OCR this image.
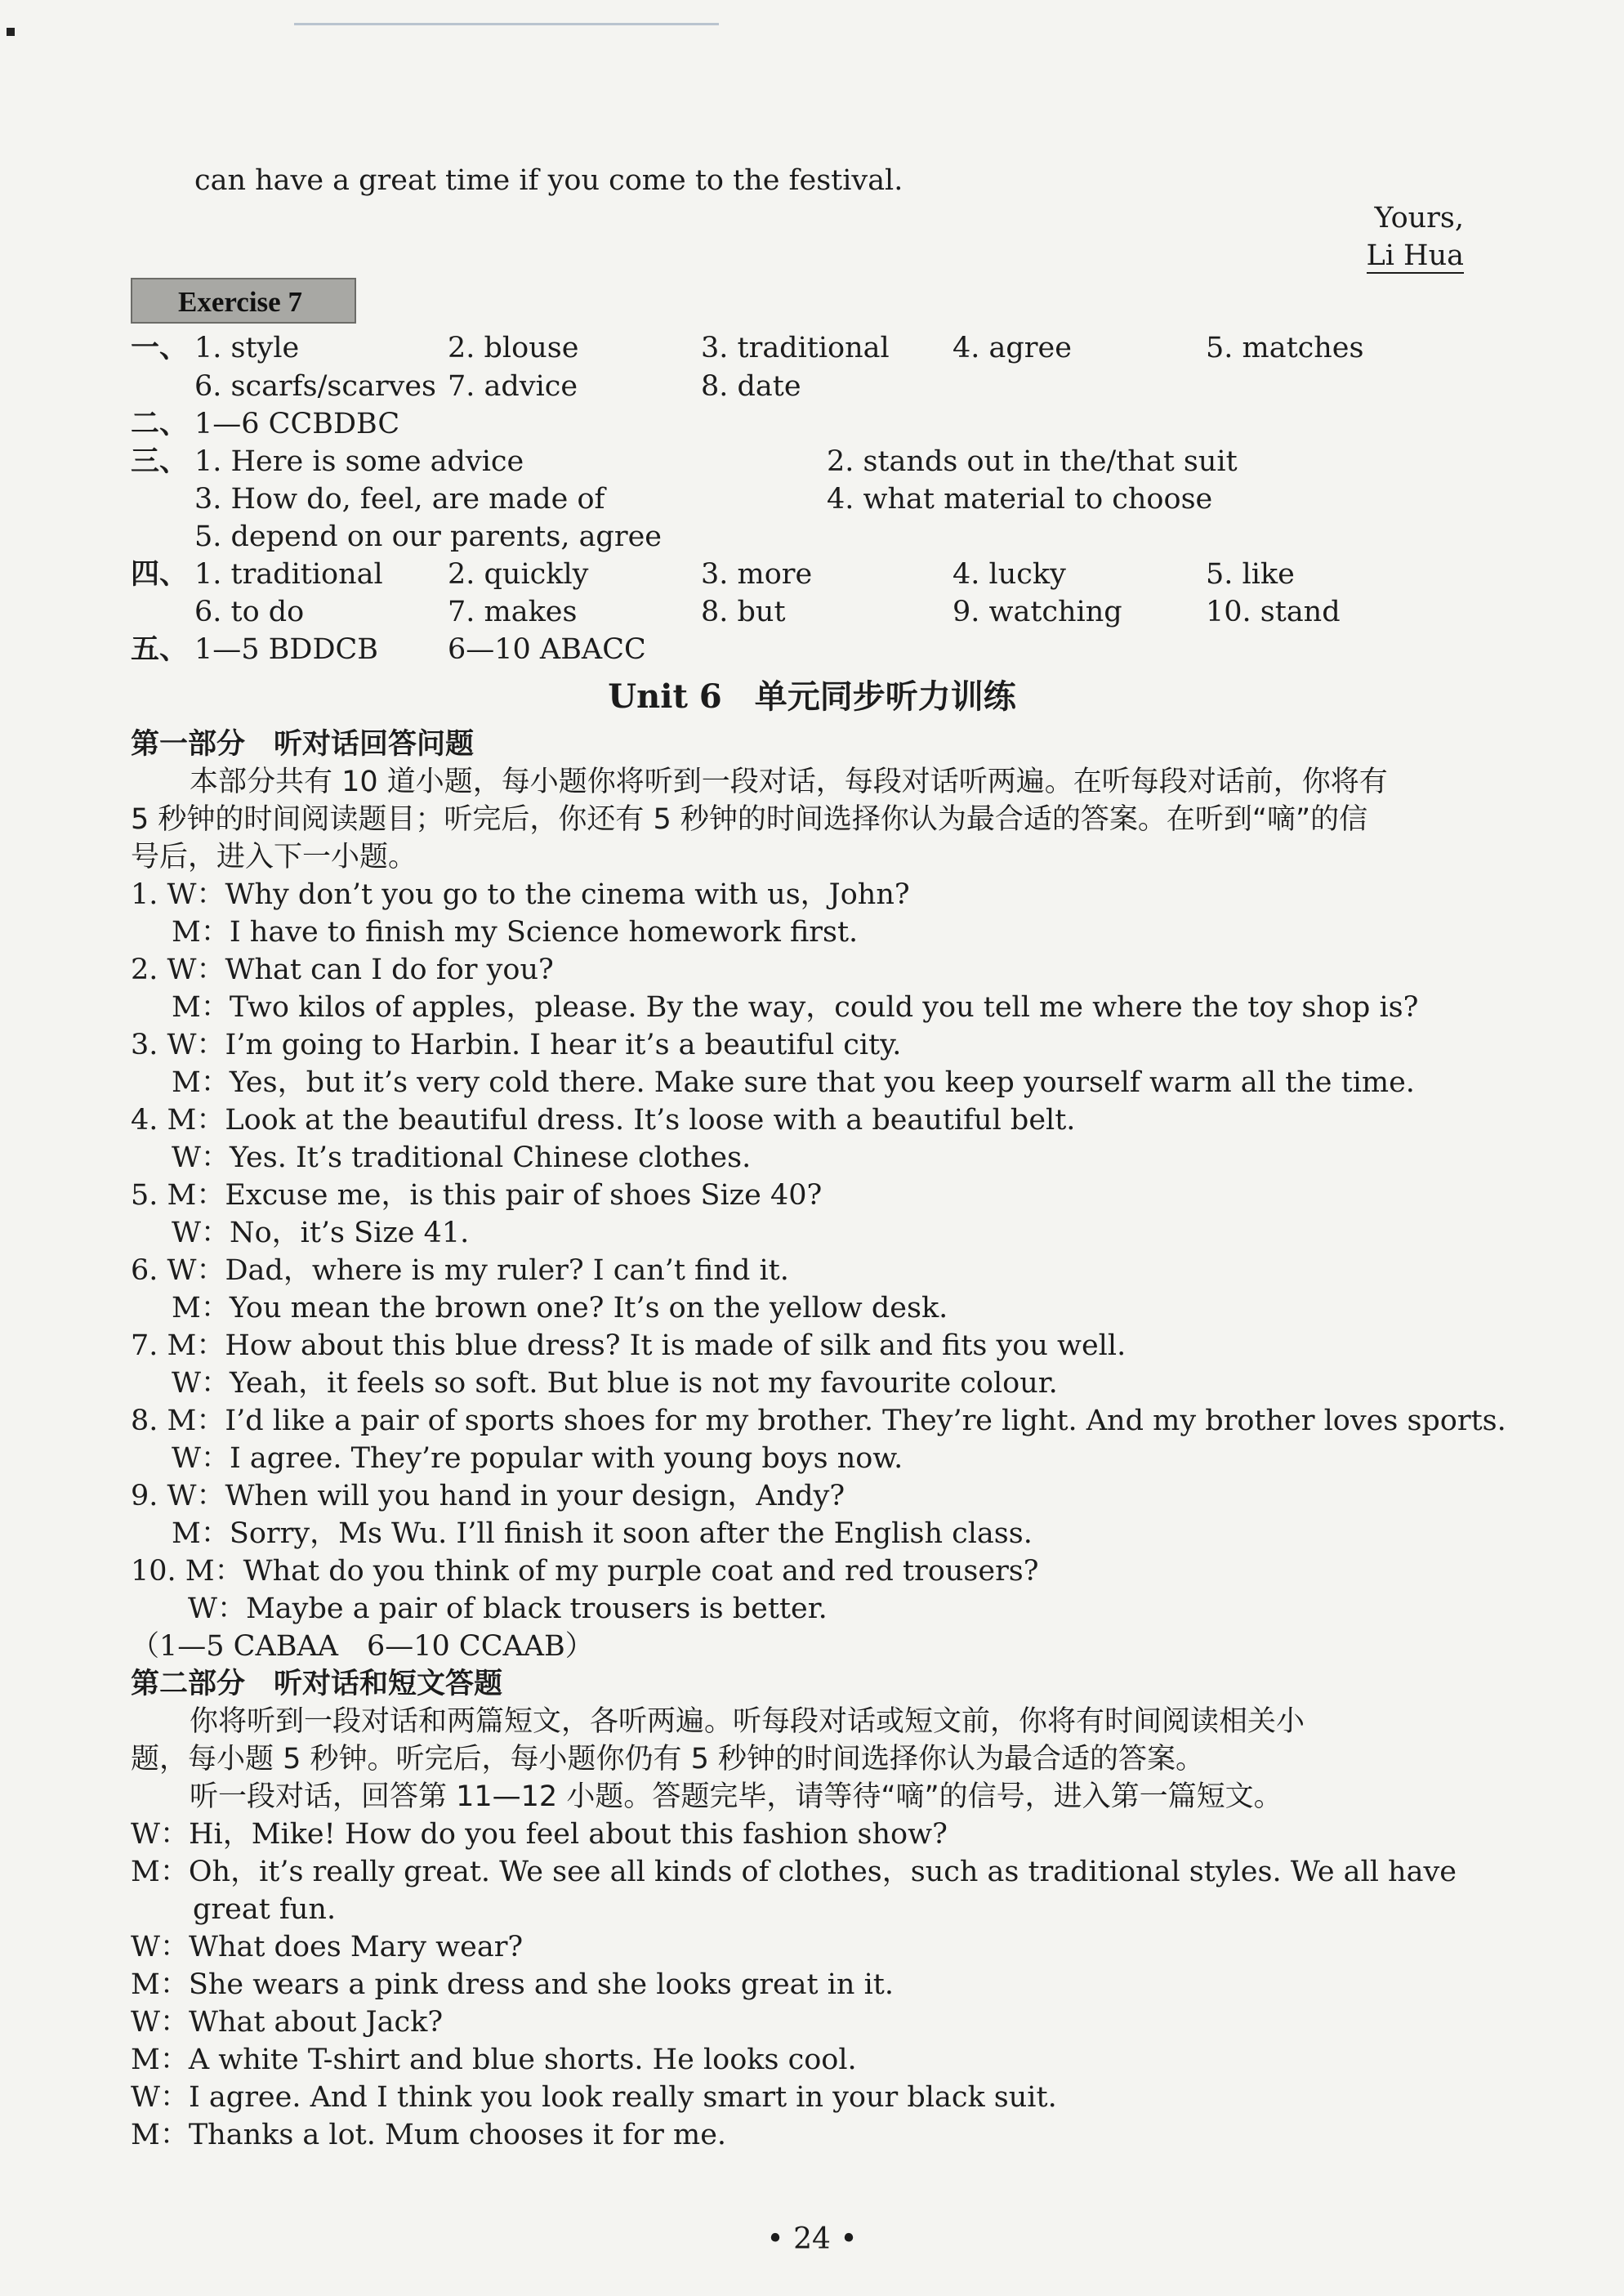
can have a great time if you come to the festival.
Yours,
Li Hua
Exercise 7
一、 1. style	2. blouse	3. traditional 4. agree	5. matches
6. scarfs/scarves 7. advice	8. date
二、 1—6 CCBDBC
三、 1. Here is some advice	2. stands out in the/that suit
3. How do, feel, are made of	4. what material to choose
5. depend on our parents, agree
四、 1. traditional 2. quickly	3. more	4. lucky	5. like
6. to do	7. makes	8. but	9. watching	10. stand
五、 1—5 BDDCB 6—10 ABACC
Unit 6 单元同步听力训练
第一部分　听对话回答问题
本部分共有 10 道小题，每小题你将听到一段对话，每段对话听两遍。在听每段对话前，你将有
5 秒钟的时间阅读题目；听完后，你还有 5 秒钟的时间选择你认为最合适的答案。在听到“嘀”的信
号后，进入下一小题。
1. W：Why don’t you go to the cinema with us，John?
M：I have to finish my Science homework first.
2. W：What can I do for you?
M：Two kilos of apples，please. By the way，could you tell me where the toy shop is?
3. W：I’m going to Harbin. I hear it’s a beautiful city.
M：Yes，but it’s very cold there. Make sure that you keep yourself warm all the time.
4. M：Look at the beautiful dress. It’s loose with a beautiful belt.
W：Yes. It’s traditional Chinese clothes.
5. M：Excuse me，is this pair of shoes Size 40?
W：No，it’s Size 41.
6. W：Dad，where is my ruler? I can’t find it.
M：You mean the brown one? It’s on the yellow desk.
7. M：How about this blue dress? It is made of silk and fits you well.
W：Yeah，it feels so soft. But blue is not my favourite colour.
8. M：I’d like a pair of sports shoes for my brother. They’re light. And my brother loves sports.
W：I agree. They’re popular with young boys now.
9. W：When will you hand in your design，Andy?
M：Sorry，Ms Wu. I’ll finish it soon after the English class.
10. M：What do you think of my purple coat and red trousers?
W：Maybe a pair of black trousers is better.
（1—5 CABAA　6—10 CCAAB）
第二部分　听对话和短文答题
你将听到一段对话和两篇短文，各听两遍。听每段对话或短文前，你将有时间阅读相关小
题，每小题 5 秒钟。听完后，每小题你仍有 5 秒钟的时间选择你认为最合适的答案。
听一段对话，回答第 11—12 小题。答题完毕，请等待“嘀”的信号，进入第一篇短文。
W：Hi，Mike! How do you feel about this fashion show?
M：Oh，it’s really great. We see all kinds of clothes，such as traditional styles. We all have
great fun.
W：What does Mary wear?
M：She wears a pink dress and she looks great in it.
W：What about Jack?
M：A white T-shirt and blue shorts. He looks cool.
W：I agree. And I think you look really smart in your black suit.
M：Thanks a lot. Mum chooses it for me.
• 24 •
